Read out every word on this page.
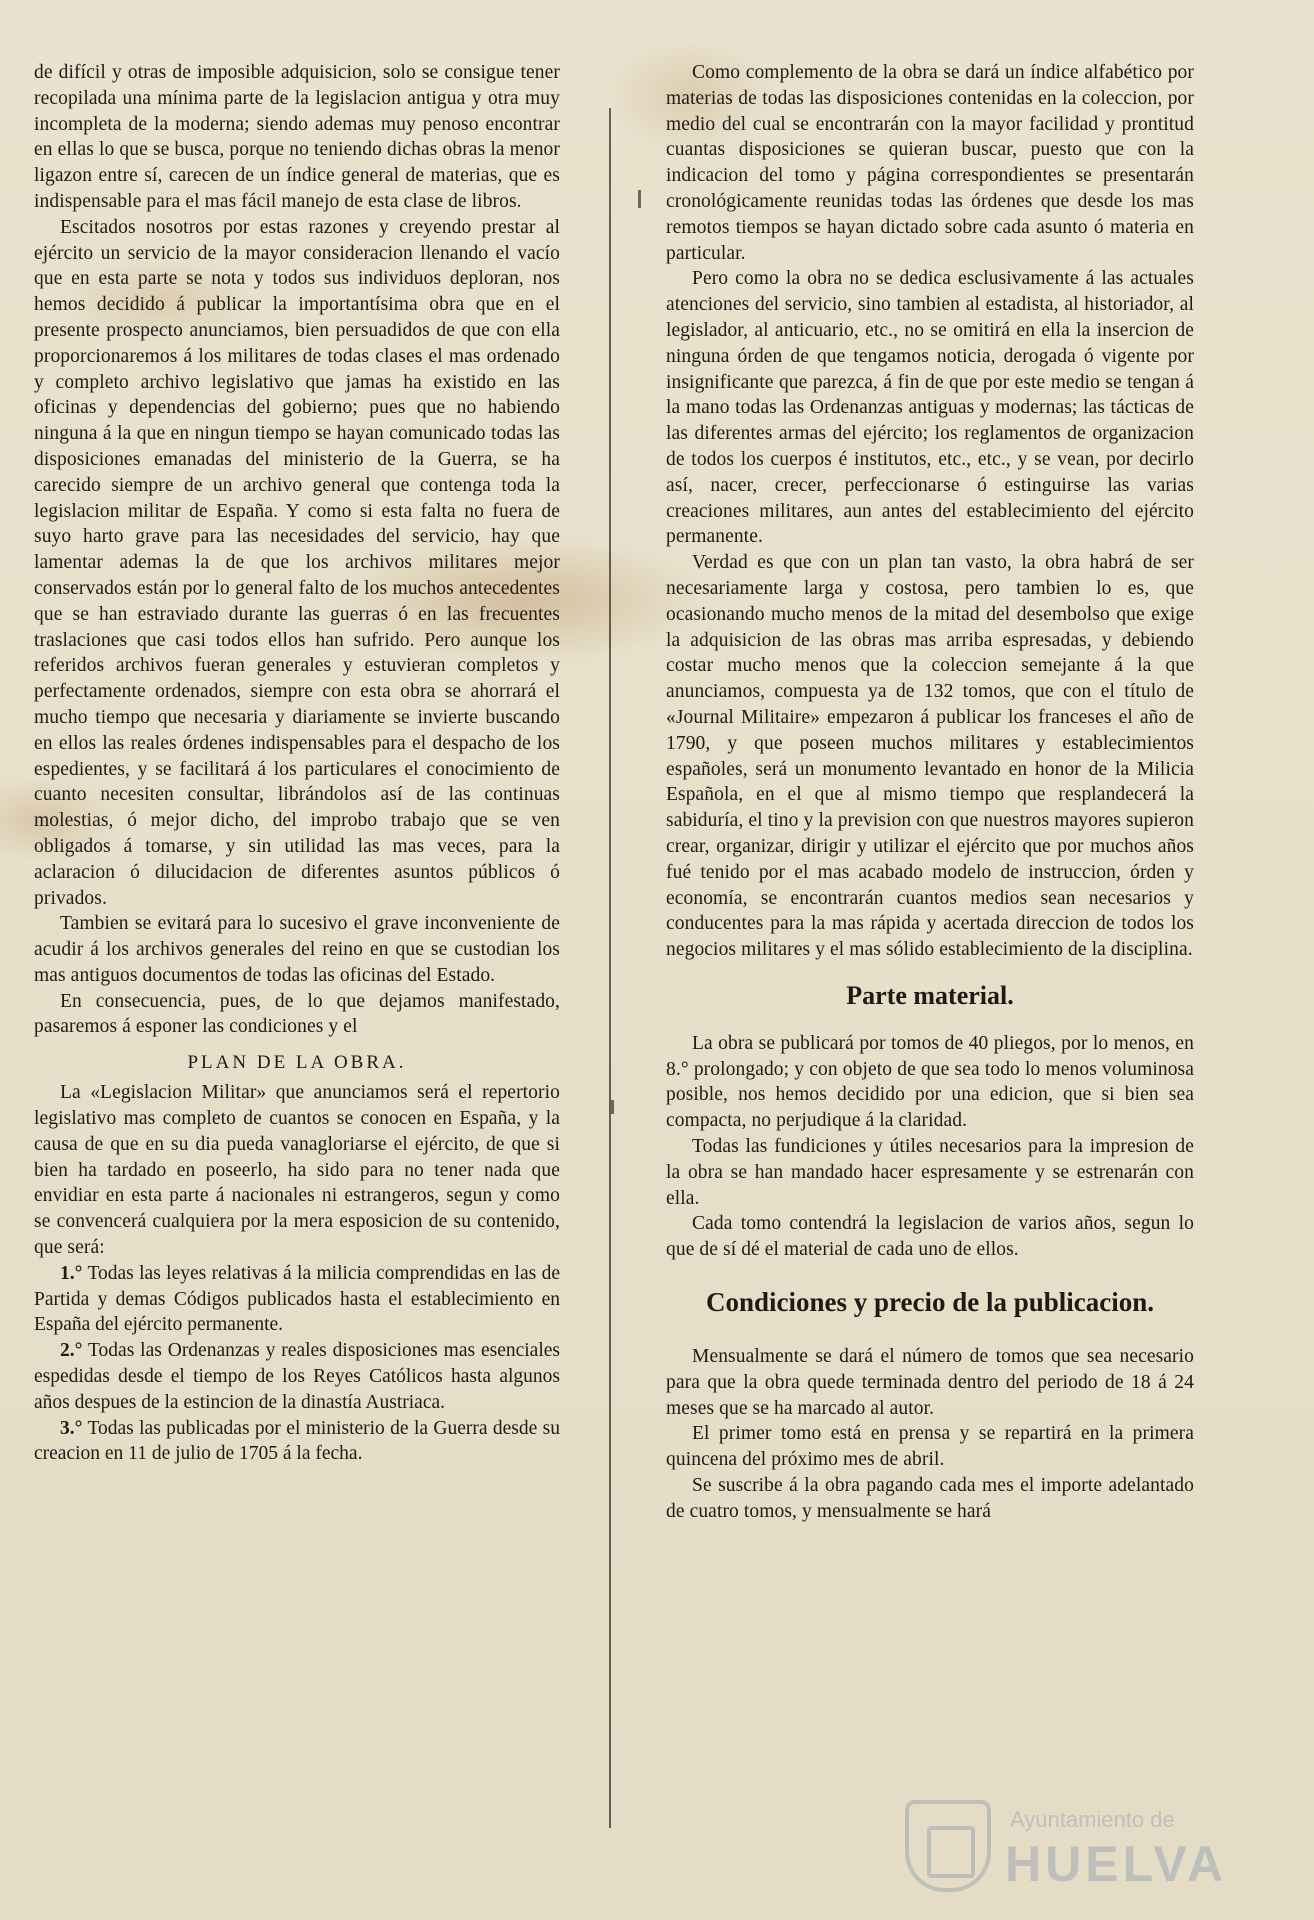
de difícil y otras de imposible adquisicion, solo se consigue tener recopilada una mínima parte de la legislacion antigua y otra muy incompleta de la moderna; siendo ademas muy penoso encontrar en ellas lo que se busca, porque no teniendo dichas obras la menor ligazon entre sí, carecen de un índice general de materias, que es indispensable para el mas fácil manejo de esta clase de libros.

Escitados nosotros por estas razones y creyendo prestar al ejército un servicio de la mayor consideracion llenando el vacío que en esta parte se nota y todos sus individuos deploran, nos hemos decidido á publicar la importantísima obra que en el presente prospecto anunciamos, bien persuadidos de que con ella proporcionaremos á los militares de todas clases el mas ordenado y completo archivo legislativo que jamas ha existido en las oficinas y dependencias del gobierno; pues que no habiendo ninguna á la que en ningun tiempo se hayan comunicado todas las disposiciones emanadas del ministerio de la Guerra, se ha carecido siempre de un archivo general que contenga toda la legislacion militar de España. Y como si esta falta no fuera de suyo harto grave para las necesidades del servicio, hay que lamentar ademas la de que los archivos militares mejor conservados están por lo general falto de los muchos antecedentes que se han estraviado durante las guerras ó en las frecuentes traslaciones que casi todos ellos han sufrido. Pero aunque los referidos archivos fueran generales y estuvieran completos y perfectamente ordenados, siempre con esta obra se ahorrará el mucho tiempo que necesaria y diariamente se invierte buscando en ellos las reales órdenes indispensables para el despacho de los espedientes, y se facilitará á los particulares el conocimiento de cuanto necesiten consultar, librándolos así de las continuas molestias, ó mejor dicho, del improbo trabajo que se ven obligados á tomarse, y sin utilidad las mas veces, para la aclaracion ó dilucidacion de diferentes asuntos públicos ó privados.

Tambien se evitará para lo sucesivo el grave inconveniente de acudir á los archivos generales del reino en que se custodian los mas antiguos documentos de todas las oficinas del Estado.

En consecuencia, pues, de lo que dejamos manifestado, pasaremos á esponer las condiciones y el

PLAN DE LA OBRA.

La «Legislacion Militar» que anunciamos será el repertorio legislativo mas completo de cuantos se conocen en España, y la causa de que en su dia pueda vanagloriarse el ejército, de que si bien ha tardado en poseerlo, ha sido para no tener nada que envidiar en esta parte á nacionales ni estrangeros, segun y como se convencerá cualquiera por la mera esposicion de su contenido, que será:

1.° Todas las leyes relativas á la milicia comprendidas en las de Partida y demas Códigos publicados hasta el establecimiento en España del ejército permanente.

2.° Todas las Ordenanzas y reales disposiciones mas esenciales espedidas desde el tiempo de los Reyes Católicos hasta algunos años despues de la estincion de la dinastía Austriaca.

3.° Todas las publicadas por el ministerio de la Guerra desde su creacion en 11 de julio de 1705 á la fecha.

Como complemento de la obra se dará un índice alfabético por materias de todas las disposiciones contenidas en la coleccion, por medio del cual se encontrarán con la mayor facilidad y prontitud cuantas disposiciones se quieran buscar, puesto que con la indicacion del tomo y página correspondientes se presentarán cronológicamente reunidas todas las órdenes que desde los mas remotos tiempos se hayan dictado sobre cada asunto ó materia en particular.

Pero como la obra no se dedica esclusivamente á las actuales atenciones del servicio, sino tambien al estadista, al historiador, al legislador, al anticuario, etc., no se omitirá en ella la insercion de ninguna órden de que tengamos noticia, derogada ó vigente por insignificante que parezca, á fin de que por este medio se tengan á la mano todas las Ordenanzas antiguas y modernas; las tácticas de las diferentes armas del ejército; los reglamentos de organizacion de todos los cuerpos é institutos, etc., etc., y se vean, por decirlo así, nacer, crecer, perfeccionarse ó estinguirse las varias creaciones militares, aun antes del establecimiento del ejército permanente.

Verdad es que con un plan tan vasto, la obra habrá de ser necesariamente larga y costosa, pero tambien lo es, que ocasionando mucho menos de la mitad del desembolso que exige la adquisicion de las obras mas arriba espresadas, y debiendo costar mucho menos que la coleccion semejante á la que anunciamos, compuesta ya de 132 tomos, que con el título de «Journal Militaire» empezaron á publicar los franceses el año de 1790, y que poseen muchos militares y establecimientos españoles, será un monumento levantado en honor de la Milicia Española, en el que al mismo tiempo que resplandecerá la sabiduría, el tino y la prevision con que nuestros mayores supieron crear, organizar, dirigir y utilizar el ejército que por muchos años fué tenido por el mas acabado modelo de instruccion, órden y economía, se encontrarán cuantos medios sean necesarios y conducentes para la mas rápida y acertada direccion de todos los negocios militares y el mas sólido establecimiento de la disciplina.

Parte material.

La obra se publicará por tomos de 40 pliegos, por lo menos, en 8.° prolongado; y con objeto de que sea todo lo menos voluminosa posible, nos hemos decidido por una edicion, que si bien sea compacta, no perjudique á la claridad.

Todas las fundiciones y útiles necesarios para la impresion de la obra se han mandado hacer espresamente y se estrenarán con ella.

Cada tomo contendrá la legislacion de varios años, segun lo que de sí dé el material de cada uno de ellos.

Condiciones y precio de la publicacion.

Mensualmente se dará el número de tomos que sea necesario para que la obra quede terminada dentro del periodo de 18 á 24 meses que se ha marcado al autor.

El primer tomo está en prensa y se repartirá en la primera quincena del próximo mes de abril.

Se suscribe á la obra pagando cada mes el importe adelantado de cuatro tomos, y mensualmente se hará

Ayuntamiento de
HUELVA
